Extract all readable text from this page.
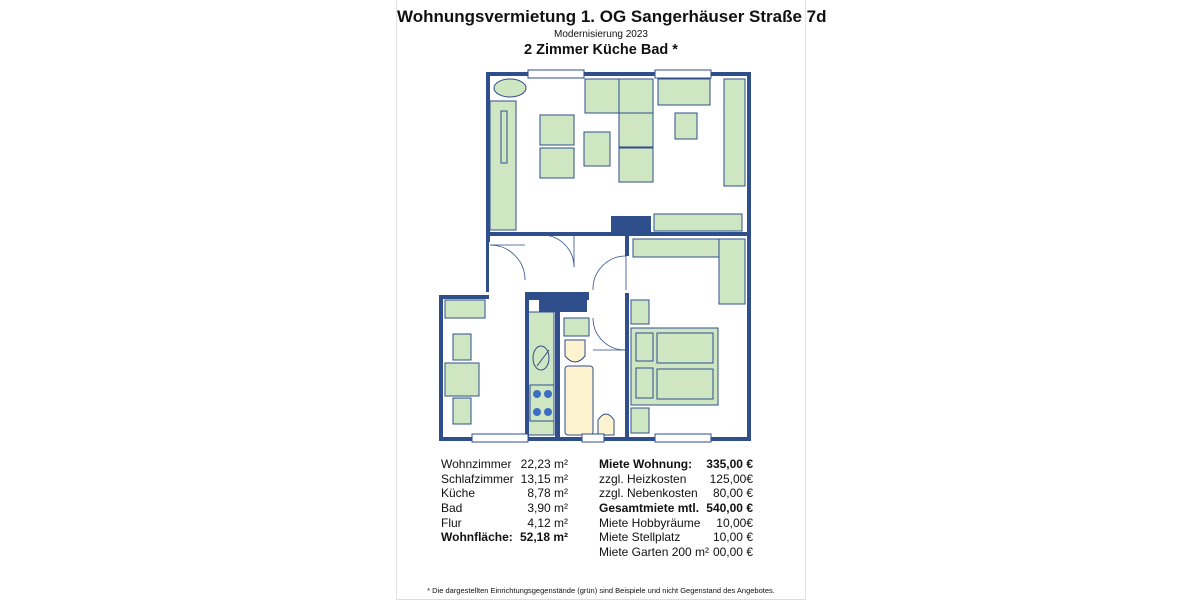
Wohnungsvermietung 1. OG Sangerhäuser Straße 7d
Modernisierung 2023
2 Zimmer Küche Bad *
Wohnzimmer 22,23 m²
Schlafzimmer 13,15 m²
Küche	8,78 m²
Bad	3,90 m²
Flur	4,12 m²
Wohnfläche: 52,18 m²
Miete Wohnung: 335,00 €
zzgl. Heizkosten 125,00€
zzgl. Nebenkosten 80,00 €
Gesamtmiete mtl. 540,00 €
Miete Hobbyräume 10,00€
Miete Stellplatz	10,00 €
Miete Garten 200 m² 00,00 €
* Die dargestellten Einrichtungsgegenstände (grün) sind Beispiele und nicht Gegenstand des Angebotes.
